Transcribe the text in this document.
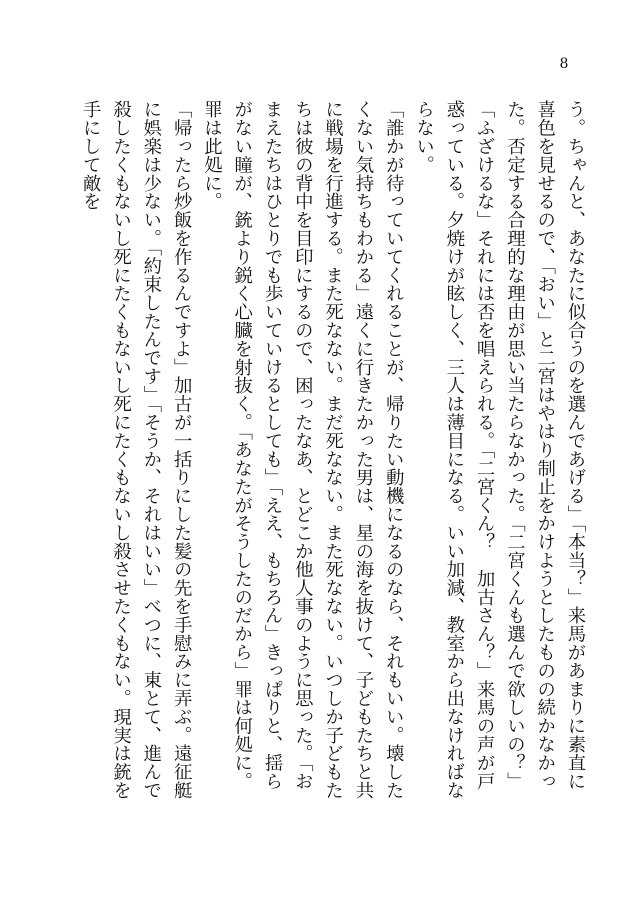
8

う。ちゃんと、あなたに似合うのを選んであげる」「本当？」来馬があまりに素直に喜色を見せるので、「おい」と二宮はやはり制止をかけようとしたものの続かなかった。否定する合理的な理由が思い当たらなかった。「二宮くんも選んで欲しいの？」「ふざけるな」それには否を唱えられる。「二宮くん？　加古さん？」来馬の声が戸惑っている。夕焼けが眩しく、三人は薄目になる。いい加減、教室から出なければならない。

「誰かが待っていてくれることが、帰りたい動機になるのなら、それもいい。壊したくない気持ちもわかる」遠くに行きたかった男は、星の海を抜けて、子どもたちと共に戦場を行進する。また死なない。まだ死なない。また死なない。いつしか子どもたちは彼の背中を目印にするので、困ったなあ、とどこか他人事のように思った。「おまえたちはひとりでも歩いていけるとしても」「ええ、もちろん」きっぱりと、揺らがない瞳が、銃より鋭く心臓を射抜く。「あなたがそうしたのだから」罪は何処に。罪は此処に。

「帰ったら炒飯を作るんですよ」加古が一括りにした髪の先を手慰みに弄ぶ。遠征艇に娯楽は少ない。「約束したんです」「そうか、それはいい」べつに、東とて、進んで殺したくもないし死にたくもないし死にたくもないし殺させたくもない。現実は銃を手にして敵を
